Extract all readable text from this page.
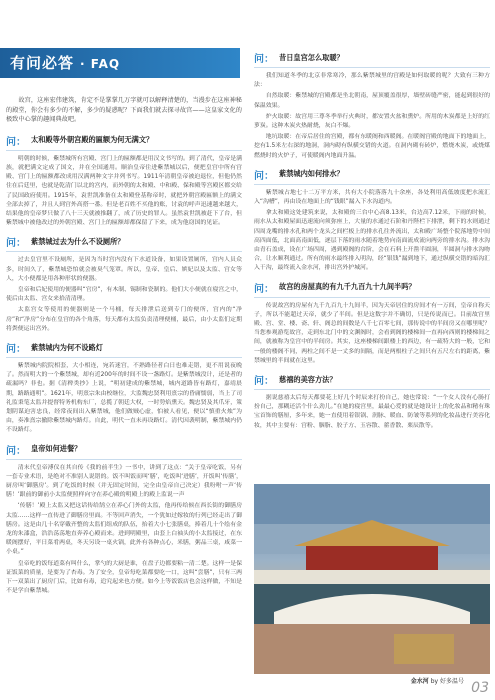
有问必答 · FAQ

故宫，这座宏伟建筑，肯定不是掌掌几万字就可以解释清楚的，当漫步在这座神秘的殿堂，你会有多少的不解，多少的疑惑呢？下面我们就去探寻故宫——这皇家文化的极致中心掌的趣闻典故吧。

问： 太和殿等外朝宫殿的匾额为何无满文？

明朝的时候，紫禁城所有宫殿、宫门上的匾额都是用汉文书写的。到了清代，皇帝是满族，就把满文定成了国文，并在全国通用。顺治皇帝住进紫禁城以后，便把皇宫中所有宫殿、宫门上的匾额都改成用汉满两种文字并列书写。1911年清朝皇帝被迫退位，但他仍然住在后廷里，也就是乾清门以北的宫内，而外朝的太和殿、中和殿、保和殿等宫殿区都交给了民国政府使用。1915年，袁世凯准备在太和殿登基称帝时，就把外朝宫殿匾额上的满文全部去掉了，并且人到宫外高搭一番。但是老百姓不买他的账，讨袁的呼声迅速越来越大，结果他的皇帝梦只做了八十三天就被推翻了，成了历史的罪人。虽然袁世凯被赶下了台，但紫禁城中被他改过的外朝宫殿、宫门上的匾额却都保留了下来，成为他窃国的见证。

问： 紫禁城过去为什么不设厕所？

过去皇宫里不设厕所，是因为当时宫内没有下水道设备，如果设置厕所，宫内人员众多，时间久了，紫禁城恐怕就会被臭气笼罩。所以，皇帝、皇后、嫔妃以及太监、宫女等人，大小便都是用各种形状的便器。

皇帝和后妃使用的便器叫“官房”，有木制、锡制和瓷制的。他们大小便就在寝宫之中，使后由太监、宫女来拾清清理。

太监宫女等使用的便器则是一个马桶，每天排泄后送到专门的便所，宫内的“净房”和“净房”分布在皇宫的各个角落，每天都有太监负责清理便桶，最后，由小太监们定期将粪便运出宫外。

问： 紫禁城内为何不设路灯

紫禁城内院院相套，大小相连，宛若迷宫，不熟路径者白日也难走错，更不用说夜晚了。然而明大的一个紫禁城，却有近200年的时间不设一盏路灯。是紫禁城没计，还是者的疏漏吗？非也。据《清稗类抄》上说，“明初建成的紫禁城，城内道路皆有路灯，嘉靖晨期，路路通明”。1621年，明熹宗朱由校继位，大监魏忠贤利用熹宗的昏庸懦弱，当上了司礼监秉笔太监并提督特务机构东厂，总揽了朝廷大权，一时势焰熏天。魏忠贤及其爪牙，策划阴谋迫害忠良，经常夜间出入紫禁城，他们做贼心虚，怕被人看见，便以“慎重火烛”为由，奏准熹宗撤除紫禁城内路灯。自此，明代一直未再设路灯。清代因袭明制，紫禁城内仍不设路灯。

问： 皇帝如何进餐？

清末代皇帝溥仪在其自传《我的前半生》一书中，讲到了这点：“关于皇帝吃饭，另有一套专业术语，是绝对不准别人说错的。饭不叫饭而叫‘膳’，吃饭叫‘进膳’，开饭叫‘传膳’，厨房叫‘御膳房’。到了吃饭的时候（并无固定时间，完全由皇帝自己决定）我吩咐一声‘传膳！’跟前的御前小太监便照样向守在养心殿的明殿上的殿上监说一声

‘传膳！’殿上太监又把这话传给鹄立在养心门外的太监，他再传给候在西长街的御膳房太监……这样一直传进了御膳房里面。不等回声消失，一个犹如过嫁妆的行列已经走出了御膳房。这是由几十名穿戴齐整的太监们组成的队伍，抬着大小七张膳桌，捧着几十个绘有金龙的朱漆盒，浩浩荡荡地直奔养心殿而来。进到明殿里，由套上白袖头的小太监接过，在东暖阁摆好，平日菜肴两桌，冬天另设一桌火锅，此外有各种点心，米膳，粥品三桌，咸菜一小桌。”

皇帝吃的饭每道菜有叫什么，掌勺的大厨是谁，在盘子边都要粘一清二楚。这样一是保证饭菜的质量，是要为了杏毒。为了安全，皇帝每吃菜都要吃一口，这叫“尝膳”，只有三两下一双菜出了厨房门后，比如有毒，追究起来也方便。如今上等饭饭店也会这样做，不知是不是学自紫禁城。

问： 昔日皇宫怎么取暖？

我们知道冬季的北京非常寒冷，那么紫禁城里的宫殿是如何取暖的呢？大致有三种方法：

自然取暖：紫禁城的宫殿都是坐北朝南，屋顶覆盖很厚，墙壁砖缝严密，能起到很好的保温效果。

炉火取暖：故宫用三尊冬季举行火典时，都安置火盆和熏炉。所用的木炭都是上好的红萝炭。这种木炭火热耐烧，灰白不爆。

地坑取暖：在帝后居住的宫殿，都有东暖阁和西暖阁。在暖阁宫殿的地面下的地面上，挖有1.5米左右深的地洞，洞内砌有纵横交错的火道。在洞内砌有砖炉，燃烧木炭，或烧煤燃烧时的火炉子，可使暖阁内地面升温。

问： 紫禁城内如何排水？

紫禁城占地七十二万平方米，共有大小院落落九十余座，各处利用高低坡度把水流汇入“沟槽”，再由设在地面上的“钱眼”漏入下水沟道内。

拿太和殿这处建筑来说，太和殿的三台中心高8.13米，台边高7.12米，下雨的时候，雨水从太和殿屋面迅速流向须弥座上，大量的水通过石阶和丹陛栏下排泄，剩下的水则通过四周龙嘴的排水孔和两个龙头之间栏板上的排水孔往外流出，太和殿广场整个院落地势中间高四面低，北面高南面低，逐层下落的雨水随着地势向南面流成流向两旁的排水沟。排水沟由青石盖成，设在广场四周，遇到殿阁的台阶，会在石料上开凿半圆洞，半圆洞与排水沟吻合，让水顺利通过。所有的雨水最终排入明沟，经“银钱”漏到地下，通过纵横交错的暗沟汇入干沟，最终流入金水河，排出宫外护城河。

问： 故宫的房屋真的有九千九百九十九间半吗？

传说故宫的房屋有九千九百九十九间半，因为天帝居住的房间才有一万间，皇帝自称天子，所以不能超过天帝，就少了半间。但是这数字并不确切，只是传说而已。目前故宫里殿、宫、堂、楼、斋、轩、阁总的间数是八千七百零七间，那传说中的半间房又在哪里呢？当您参观游览故宫，走到东北门中的文渊阁时，会看到阁的楼梯间一直再向西则的楼梯间之间，就被称为皇宫中的半间房。其实，这座楼梯间跟楼上的西边，有一疏特大的一般，它和一般的楼阁不同，两柱之间不是一丈多的间隔，而是两根柱子之间只有五尺左右的距离，紫禁城里的半间就在这里。

问： 慈禧的美容方法？

据说慈禧太后每天都要花上好几个时辰来打扮自己，她也常说：“一个女人没有心肠打扮自己，那糊还活个什么劲儿。”在她的寝宫里，最最心爱的就是她设计上的化妆品和精有珠宝首饰的膳厘，多年来，她一直使用着银锅、润脉、暖血、防皱等系列的化妆品进行美容化妆，其中主要有：宫粉、胭脂、胶子方、玉容散、藿香散、栗辰散等。

金水河 by 好多温号 03
